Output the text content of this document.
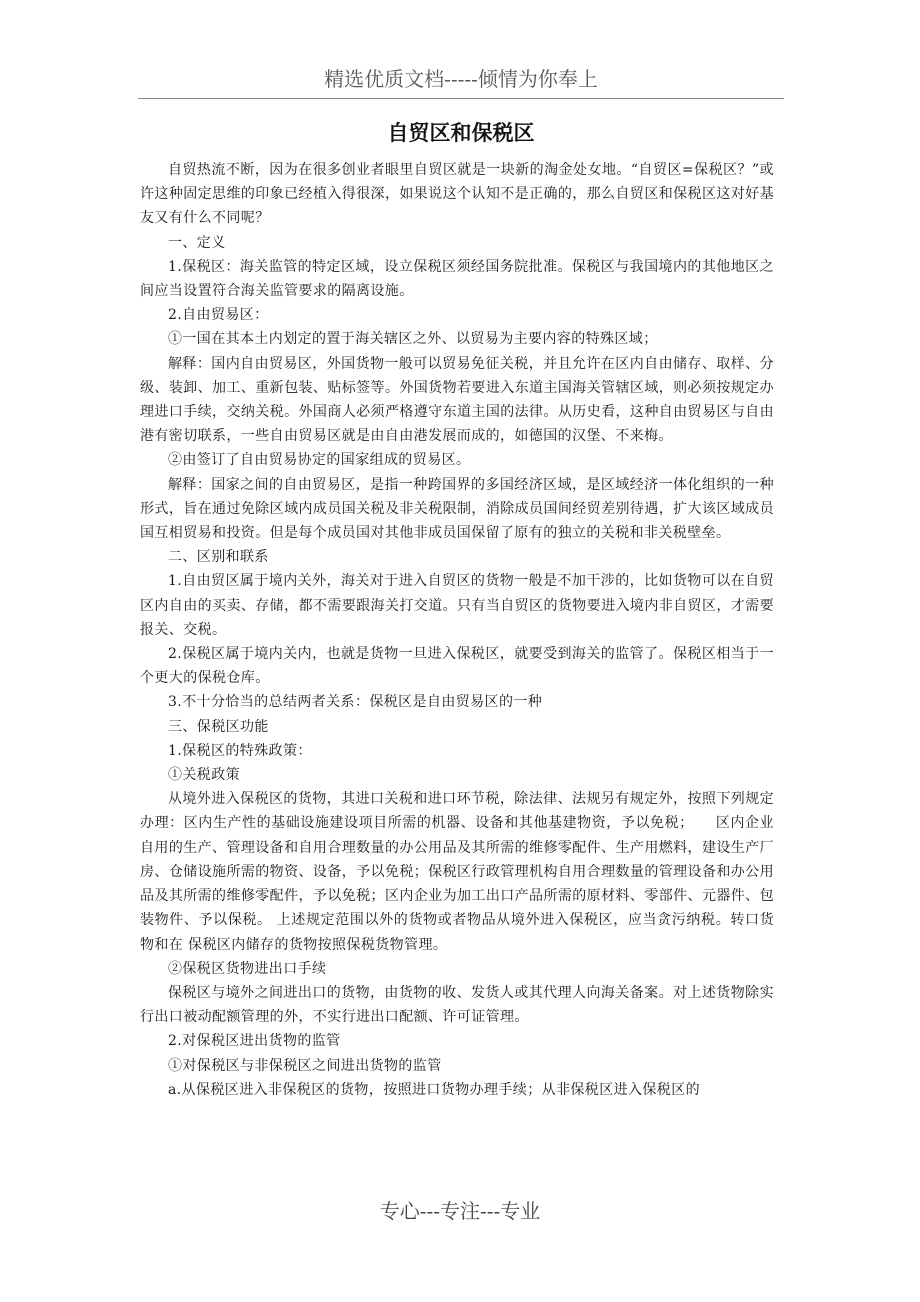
精选优质文档-----倾情为你奉上
自贸区和保税区

自贸热流不断，因为在很多创业者眼里自贸区就是一块新的淘金处女地。“自贸区=保税区？”或许这种固定思维的印象已经植入得很深，如果说这个认知不是正确的，那么自贸区和保税区这对好基友又有什么不同呢？

一、定义

1.保税区：海关监管的特定区域，设立保税区须经国务院批准。保税区与我国境内的其他地区之间应当设置符合海关监管要求的隔离设施。

2.自由贸易区：

①一国在其本土内划定的置于海关辖区之外、以贸易为主要内容的特殊区域；

解释：国内自由贸易区，外国货物一般可以贸易免征关税，并且允许在区内自由储存、取样、分级、装卸、加工、重新包装、贴标签等。外国货物若要进入东道主国海关管辖区域，则必须按规定办理进口手续，交纳关税。外国商人必须严格遵守东道主国的法律。从历史看，这种自由贸易区与自由港有密切联系，一些自由贸易区就是由自由港发展而成的，如德国的汉堡、不来梅。

②由签订了自由贸易协定的国家组成的贸易区。

解释：国家之间的自由贸易区，是指一种跨国界的多国经济区域，是区域经济一体化组织的一种形式，旨在通过免除区域内成员国关税及非关税限制，消除成员国间经贸差别待遇，扩大该区域成员国互相贸易和投资。但是每个成员国对其他非成员国保留了原有的独立的关税和非关税壁垒。

二、区别和联系

1.自由贸区属于境内关外，海关对于进入自贸区的货物一般是不加干涉的，比如货物可以在自贸区内自由的买卖、存储，都不需要跟海关打交道。只有当自贸区的货物要进入境内非自贸区，才需要报关、交税。

2.保税区属于境内关内，也就是货物一旦进入保税区，就要受到海关的监管了。保税区相当于一个更大的保税仓库。

3.不十分恰当的总结两者关系：保税区是自由贸易区的一种

三、保税区功能

1.保税区的特殊政策：

①关税政策

从境外进入保税区的货物，其进口关税和进口环节税，除法律、法规另有规定外，按照下列规定办理：区内生产性的基础设施建设项目所需的机器、设备和其他基建物资，予以免税；　　区内企业自用的生产、管理设备和自用合理数量的办公用品及其所需的维修零配件、生产用燃料，建设生产厂房、仓储设施所需的物资、设备，予以免税；保税区行政管理机构自用合理数量的管理设备和办公用品及其所需的维修零配件，予以免税；区内企业为加工出口产品所需的原材料、零部件、元器件、包装物件、予以保税。 上述规定范围以外的货物或者物品从境外进入保税区，应当贪污纳税。转口货物和在 保税区内储存的货物按照保税货物管理。

②保税区货物进出口手续

保税区与境外之间进出口的货物，由货物的收、发货人或其代理人向海关备案。对上述货物除实行出口被动配额管理的外，不实行进出口配额、许可证管理。

2.对保税区进出货物的监管

①对保税区与非保税区之间进出货物的监管

a.从保税区进入非保税区的货物，按照进口货物办理手续；从非保税区进入保税区的

专心---专注---专业
